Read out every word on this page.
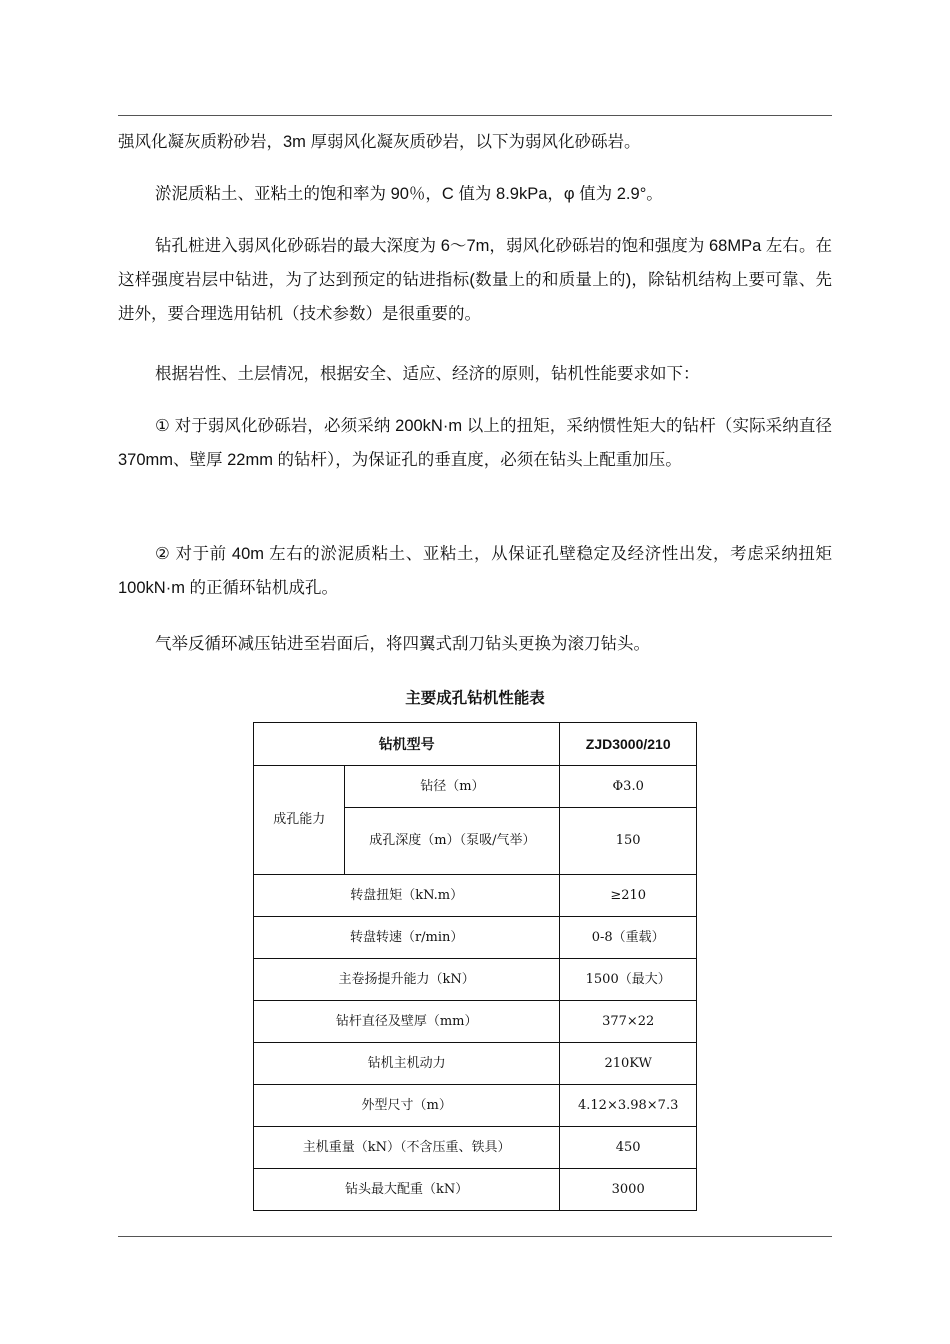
强风化凝灰质粉砂岩，3m 厚弱风化凝灰质砂岩，以下为弱风化砂砾岩。

淤泥质粘土、亚粘土的饱和率为 90％，C 值为 8.9kPa，φ 值为 2.9°。

钻孔桩进入弱风化砂砾岩的最大深度为 6～7m，弱风化砂砾岩的饱和强度为 68MPa 左右。在这样强度岩层中钻进，为了达到预定的钻进指标(数量上的和质量上的)，除钻机结构上要可靠、先进外，要合理选用钻机（技术参数）是很重要的。

根据岩性、土层情况，根据安全、适应、经济的原则，钻机性能要求如下：

① 对于弱风化砂砾岩，必须采纳 200kN·m 以上的扭矩，采纳惯性矩大的钻杆（实际采纳直径 370mm、壁厚 22mm 的钻杆），为保证孔的垂直度，必须在钻头上配重加压。

② 对于前 40m 左右的淤泥质粘土、亚粘土，从保证孔壁稳定及经济性出发，考虑采纳扭矩 100kN·m 的正循环钻机成孔。

气举反循环减压钻进至岩面后，将四翼式刮刀钻头更换为滚刀钻头。

主要成孔钻机性能表
钻机型号		ZJD3000/210
成孔能力	钻径（m）	Φ3.0
	成孔深度（m）（泵吸/气举）	150
转盘扭矩（kN.m）		≥210
转盘转速（r/min）		0-8（重载）
主卷扬提升能力（kN）		1500（最大）
钻杆直径及壁厚（mm）		377×22
钻机主机动力		210KW
外型尺寸（m）		4.12×3.98×7.3
主机重量（kN）（不含压重、铁具）		450
钻头最大配重（kN）		3000
